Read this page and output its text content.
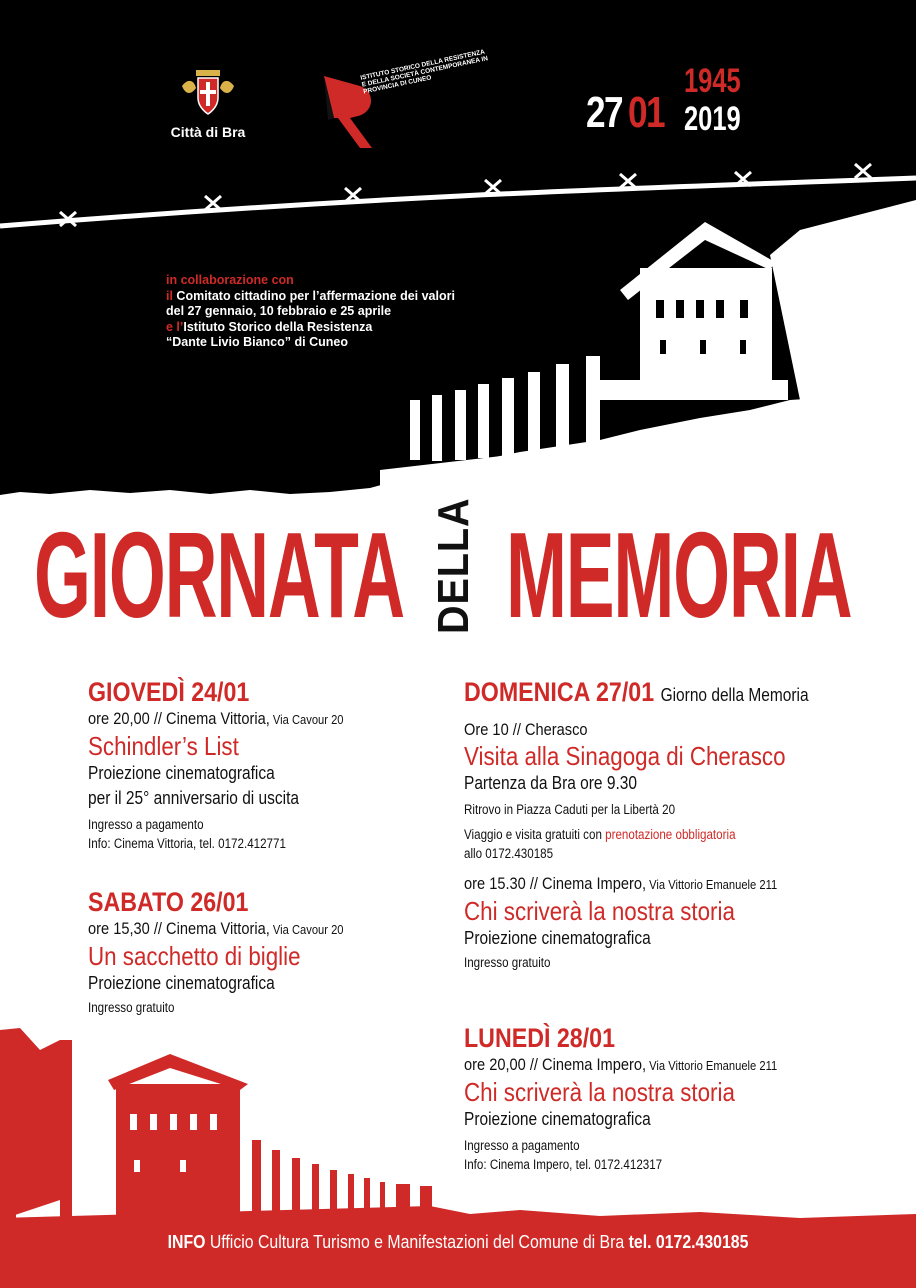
Città di Bra
ISTITUTO STORICO DELLA RESISTENZA E DELLA SOCIETÀ CONTEMPORANEA IN PROVINCIA DI CUNEO
27 01
1945
2019
in collaborazione con
il Comitato cittadino per l’affermazione dei valori
del 27 gennaio, 10 febbraio e 25 aprile
e l’Istituto Storico della Resistenza
“Dante Livio Bianco” di Cuneo
GIORNATA DELLA MEMORIA
GIOVEDÌ 24/01
ore 20,00 // Cinema Vittoria, Via Cavour 20
Schindler’s List
Proiezione cinematografica
per il 25° anniversario di uscita
Ingresso a pagamento
Info: Cinema Vittoria, tel. 0172.412771
SABATO 26/01
ore 15,30 // Cinema Vittoria, Via Cavour 20
Un sacchetto di biglie
Proiezione cinematografica
Ingresso gratuito
DOMENICA 27/01 Giorno della Memoria
Ore 10 // Cherasco
Visita alla Sinagoga di Cherasco
Partenza da Bra ore 9.30
Ritrovo in Piazza Caduti per la Libertà 20
Viaggio e visita gratuiti con prenotazione obbligatoria
allo 0172.430185
ore 15.30 // Cinema Impero, Via Vittorio Emanuele 211
Chi scriverà la nostra storia
Proiezione cinematografica
Ingresso gratuito
LUNEDÌ 28/01
ore 20,00 // Cinema Impero, Via Vittorio Emanuele 211
Chi scriverà la nostra storia
Proiezione cinematografica
Ingresso a pagamento
Info: Cinema Impero, tel. 0172.412317
INFO Ufficio Cultura Turismo e Manifestazioni del Comune di Bra tel. 0172.430185
